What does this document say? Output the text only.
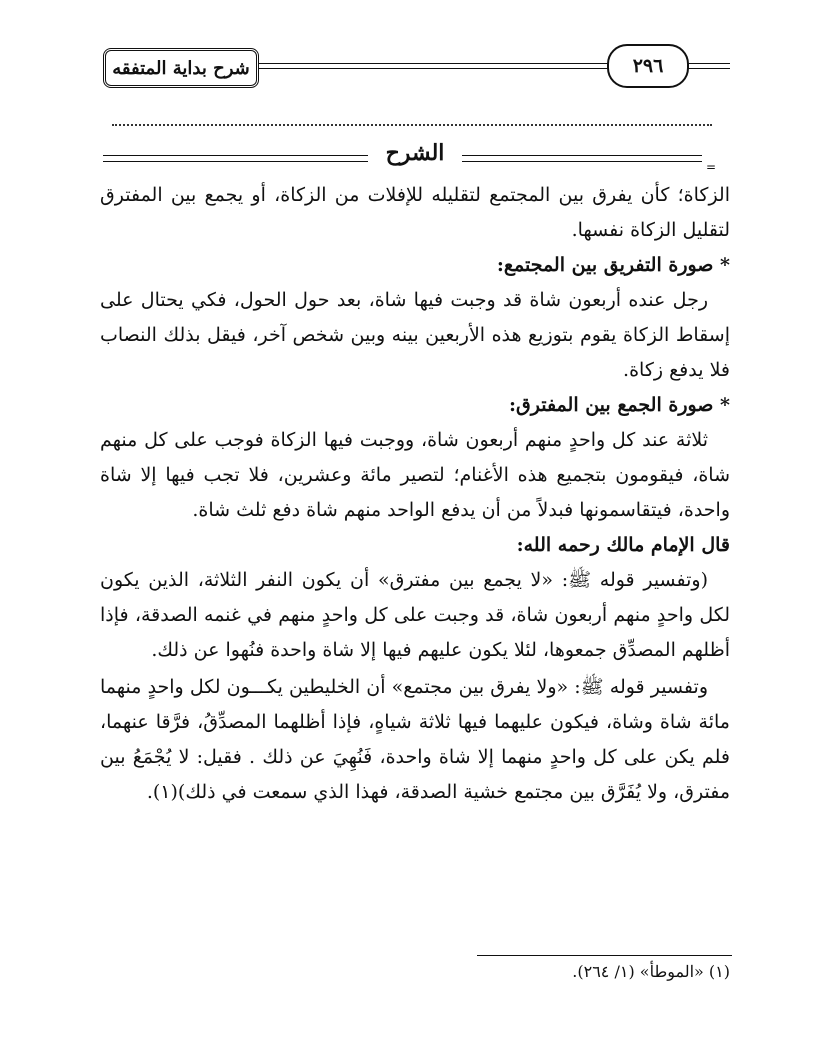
شرح بداية المتفقه	٢٩٦
الشرح
=

الزكاة؛ كأن يفرق بين المجتمع لتقليله للإفلات من الزكاة، أو يجمع بين المفترق لتقليل الزكاة نفسها.

* صورة التفريق بين المجتمع:

رجل عنده أربعون شاة قد وجبت فيها شاة، بعد حول الحول، فكي يحتال على إسقاط الزكاة يقوم بتوزيع هذه الأربعين بينه وبين شخص آخر، فيقل بذلك النصاب فلا يدفع زكاة.

* صورة الجمع بين المفترق:

ثلاثة عند كل واحدٍ منهم أربعون شاة، ووجبت فيها الزكاة فوجب على كل منهم شاة، فيقومون بتجميع هذه الأغنام؛ لتصير مائة وعشرين، فلا تجب فيها إلا شاة واحدة، فيتقاسمونها فبدلاً من أن يدفع الواحد منهم شاة دفع ثلث شاة.

قال الإمام مالك رحمه الله:

(وتفسير قوله ﷺ: «لا يجمع بين مفترق» أن يكون النفر الثلاثة، الذين يكون لكل واحدٍ منهم أربعون شاة، قد وجبت على كل واحدٍ منهم في غنمه الصدقة، فإذا أظلهم المصدِّق جمعوها، لئلا يكون عليهم فيها إلا شاة واحدة فنُهوا عن ذلك.

وتفسير قوله ﷺ: «ولا يفرق بين مجتمع» أن الخليطين يكـــون لكل واحدٍ منهما مائة شاة وشاة، فيكون عليهما فيها ثلاثة شياهٍ، فإذا أظلهما المصدِّقُ، فرَّقا عنهما، فلم يكن على كل واحدٍ منهما إلا شاة واحدة، فَنُهِيَ عن ذلك . فقيل: لا يُجْمَعُ بين مفترق، ولا يُفَرَّق بين مجتمع خشية الصدقة، فهذا الذي سمعت في ذلك)(١).

(١) «الموطأ» (١/ ٢٦٤).
